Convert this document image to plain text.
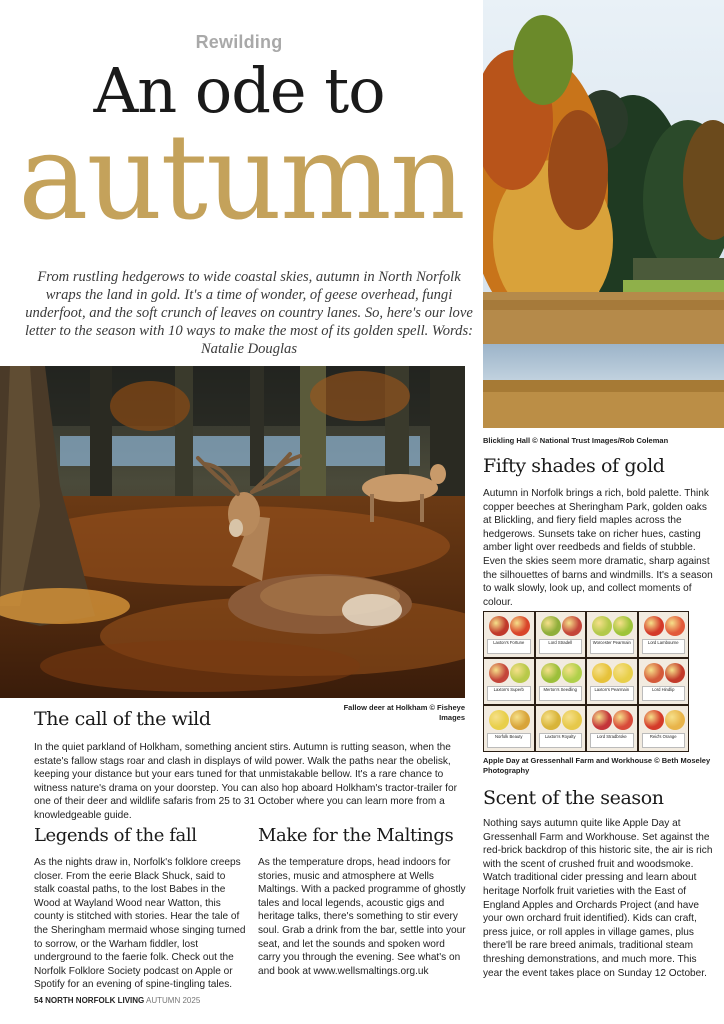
Rewilding
An ode to
autumn
From rustling hedgerows to wide coastal skies, autumn in North Norfolk wraps the land in gold. It's a time of wonder, of geese overhead, fungi underfoot, and the soft crunch of leaves on country lanes. So, here's our love letter to the season with 10 ways to make the most of its golden spell. Words: Natalie Douglas
Blickling Hall © National Trust Images/Rob Coleman
Fallow deer at Holkham © Fisheye Images
Laxton's Fortune	Lord Stradell	Worcester Pearmain	Lord Lambourne
Laxton's Superb	Merton's Seedling	Laxton's Pearmain	Lord Hindlip
Norfolk Beauty	Laxton's Royalty	Lord Stradbroke	Reid's Orange
Apple Day at Gressenhall Farm and Workhouse © Beth Moseley Photography
The call of the wild

In the quiet parkland of Holkham, something ancient stirs. Autumn is rutting season, when the estate's fallow stags roar and clash in displays of wild power. Walk the paths near the obelisk, keeping your distance but your ears tuned for that unmistakable bellow. It's a rare chance to witness nature's drama on your doorstep. You can also hop aboard Holkham's tractor-trailer for one of their deer and wildlife safaris from 25 to 31 October where you can learn more from a knowledgeable guide.

Fifty shades of gold

Autumn in Norfolk brings a rich, bold palette. Think copper beeches at Sheringham Park, golden oaks at Blickling, and fiery field maples across the hedgerows. Sunsets take on richer hues, casting amber light over reedbeds and fields of stubble. Even the skies seem more dramatic, sharp against the silhouettes of barns and windmills. It's a season to walk slowly, look up, and collect moments of colour.

Scent of the season

Nothing says autumn quite like Apple Day at Gressenhall Farm and Workhouse. Set against the red-brick backdrop of this historic site, the air is rich with the scent of crushed fruit and woodsmoke. Watch traditional cider pressing and learn about heritage Norfolk fruit varieties with the East of England Apples and Orchards Project (and have your own orchard fruit identified). Kids can craft, press juice, or roll apples in village games, plus there'll be rare breed animals, traditional steam threshing demonstrations, and much more. This year the event takes place on Sunday 12 October.

Legends of the fall

As the nights draw in, Norfolk's folklore creeps closer. From the eerie Black Shuck, said to stalk coastal paths, to the lost Babes in the Wood at Wayland Wood near Watton, this county is stitched with stories. Hear the tale of the Sheringham mermaid whose singing turned to sorrow, or the Warham fiddler, lost underground to the faerie folk. Check out the Norfolk Folklore Society podcast on Apple or Spotify for an evening of spine-tingling tales.

Make for the Maltings

As the temperature drops, head indoors for stories, music and atmosphere at Wells Maltings. With a packed programme of ghostly tales and local legends, acoustic gigs and heritage talks, there's something to stir every soul. Grab a drink from the bar, settle into your seat, and let the sounds and spoken word carry you through the evening. See what's on and book at www.wellsmaltings.org.uk

54 NORTH NORFOLK LIVING AUTUMN 2025
